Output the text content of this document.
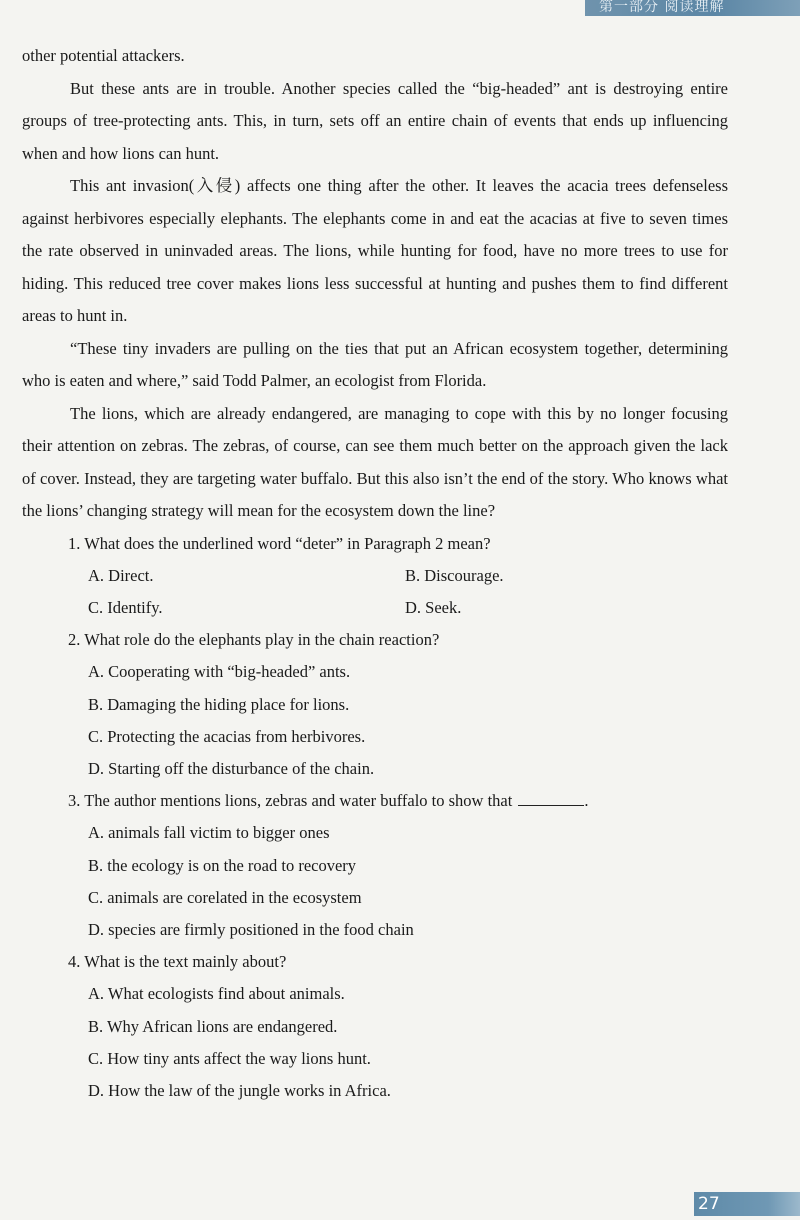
第一部分 阅读理解

other potential attackers.

But these ants are in trouble. Another species called the “big-headed” ant is destroying entire groups of tree-protecting ants. This, in turn, sets off an entire chain of events that ends up influencing when and how lions can hunt.

This ant invasion(入侵) affects one thing after the other. It leaves the acacia trees defenseless against herbivores especially elephants. The elephants come in and eat the acacias at five to seven times the rate observed in uninvaded areas. The lions, while hunting for food, have no more trees to use for hiding. This reduced tree cover makes lions less successful at hunting and pushes them to find different areas to hunt in.

“These tiny invaders are pulling on the ties that put an African ecosystem together, determining who is eaten and where,” said Todd Palmer, an ecologist from Florida.

The lions, which are already endangered, are managing to cope with this by no longer focusing their attention on zebras. The zebras, of course, can see them much better on the approach given the lack of cover. Instead, they are targeting water buffalo. But this also isn’t the end of the story. Who knows what the lions’ changing strategy will mean for the ecosystem down the line?

1. What does the underlined word “deter” in Paragraph 2 mean?
A. Direct.	B. Discourage.
C. Identify.	D. Seek.
2. What role do the elephants play in the chain reaction?
A. Cooperating with “big-headed” ants.
B. Damaging the hiding place for lions.
C. Protecting the acacias from herbivores.
D. Starting off the disturbance of the chain.
3. The author mentions lions, zebras and water buffalo to show that	.
A. animals fall victim to bigger ones
B. the ecology is on the road to recovery
C. animals are corelated in the ecosystem
D. species are firmly positioned in the food chain
4. What is the text mainly about?
A. What ecologists find about animals.
B. Why African lions are endangered.
C. How tiny ants affect the way lions hunt.
D. How the law of the jungle works in Africa.
27
